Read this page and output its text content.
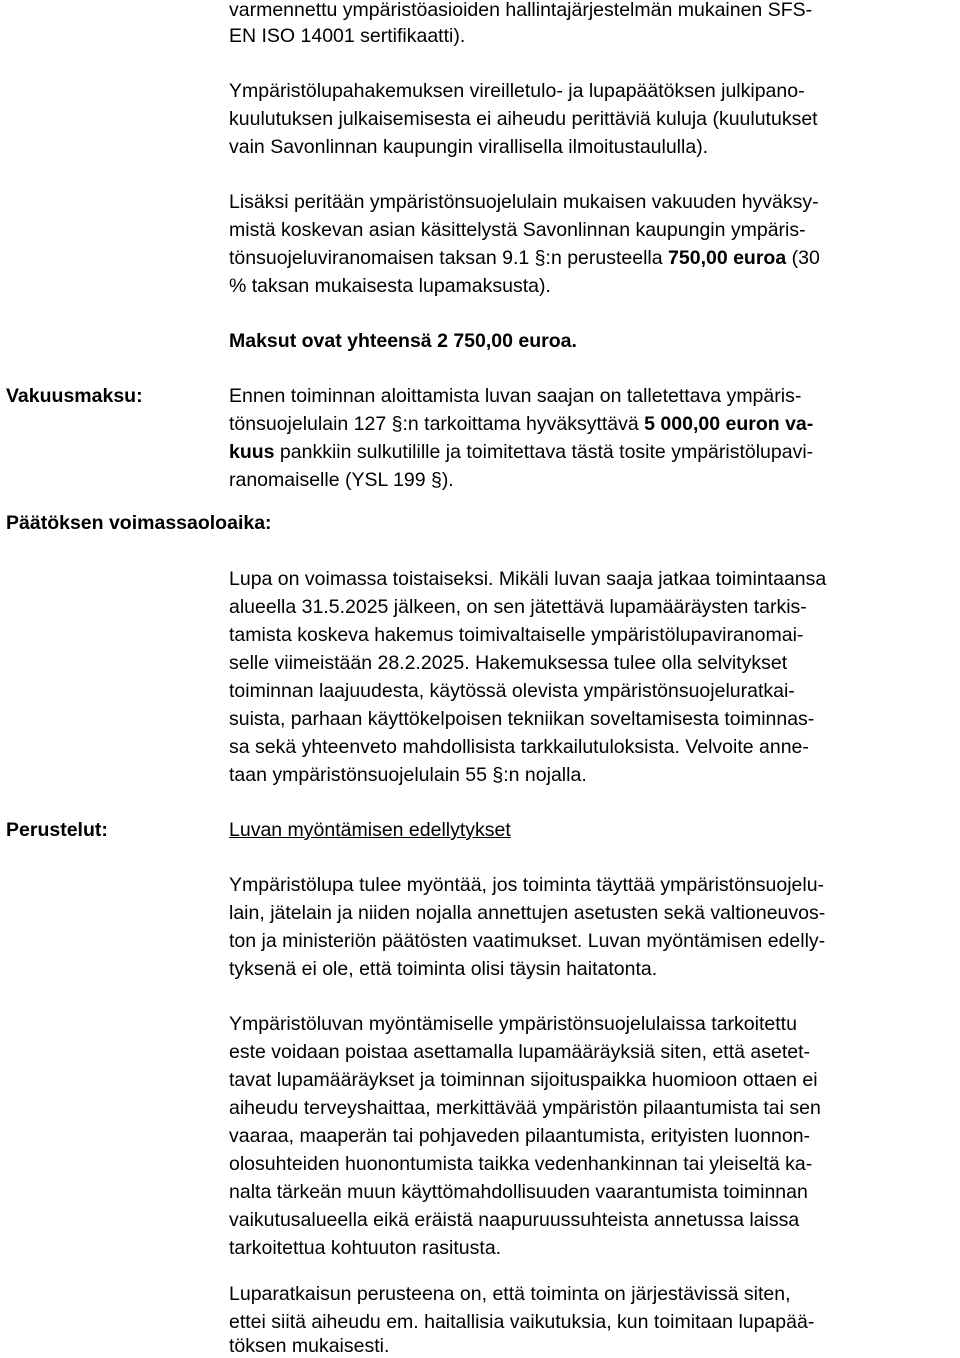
varmennettu ympäristöasioiden hallintajärjestelmän mukainen SFS-
EN ISO 14001 sertifikaatti).
Ympäristölupahakemuksen vireilletulo- ja lupapäätöksen julkipano-
kuulutuksen julkaisemisesta ei aiheudu perittäviä kuluja (kuulutukset
vain Savonlinnan kaupungin virallisella ilmoitustaululla).
Lisäksi peritään ympäristönsuojelulain mukaisen vakuuden hyväksy-
mistä koskevan asian käsittelystä Savonlinnan kaupungin ympäris-
tönsuojeluviranomaisen taksan 9.1 §:n perusteella 750,00 euroa (30
% taksan mukaisesta lupamaksusta).
Maksut ovat yhteensä 2 750,00 euroa.
Vakuusmaksu:	Ennen toiminnan aloittamista luvan saajan on talletettava ympäris-
tönsuojelulain 127 §:n tarkoittama hyväksyttävä 5 000,00 euron va-
kuus pankkiin sulkutilille ja toimitettava tästä tosite ympäristölupavi-
ranomaiselle (YSL 199 §).
Päätöksen voimassaoloaika:
Lupa on voimassa toistaiseksi. Mikäli luvan saaja jatkaa toimintaansa
alueella 31.5.2025 jälkeen, on sen jätettävä lupamääräysten tarkis-
tamista koskeva hakemus toimivaltaiselle ympäristölupaviranomai-
selle viimeistään 28.2.2025. Hakemuksessa tulee olla selvitykset
toiminnan laajuudesta, käytössä olevista ympäristönsuojeluratkai-
suista, parhaan käyttökelpoisen tekniikan soveltamisesta toiminnas-
sa sekä yhteenveto mahdollisista tarkkailutuloksista. Velvoite anne-
taan ympäristönsuojelulain 55 §:n nojalla.
Perustelut:	Luvan myöntämisen edellytykset
Ympäristölupa tulee myöntää, jos toiminta täyttää ympäristönsuojelu-
lain, jätelain ja niiden nojalla annettujen asetusten sekä valtioneuvos-
ton ja ministeriön päätösten vaatimukset. Luvan myöntämisen edelly-
tyksenä ei ole, että toiminta olisi täysin haitatonta.
Ympäristöluvan myöntämiselle ympäristönsuojelulaissa tarkoitettu
este voidaan poistaa asettamalla lupamääräyksiä siten, että asetet-
tavat lupamääräykset ja toiminnan sijoituspaikka huomioon ottaen ei
aiheudu terveyshaittaa, merkittävää ympäristön pilaantumista tai sen
vaaraa, maaperän tai pohjaveden pilaantumista, erityisten luonnon-
olosuhteiden huonontumista taikka vedenhankinnan tai yleiseltä ka-
nalta tärkeän muun käyttömahdollisuuden vaarantumista toiminnan
vaikutusalueella eikä eräistä naapuruussuhteista annetussa laissa
tarkoitettua kohtuuton rasitusta.
Luparatkaisun perusteena on, että toiminta on järjestävissä siten,
ettei siitä aiheudu em. haitallisia vaikutuksia, kun toimitaan lupapää-
töksen mukaisesti.
